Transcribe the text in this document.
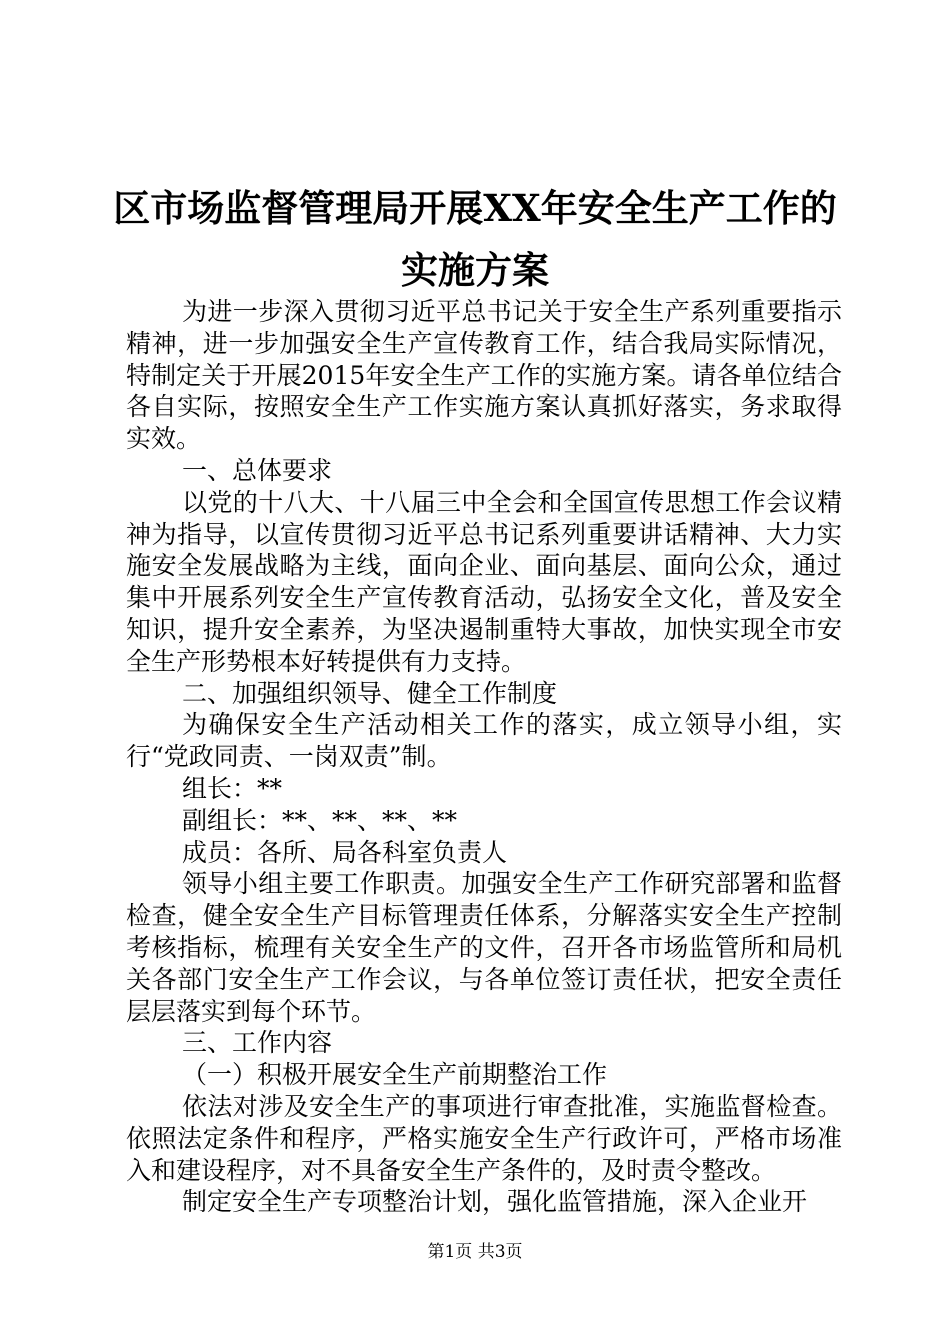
区市场监督管理局开展XX年安全生产工作的
实施方案

为进一步深入贯彻习近平总书记关于安全生产系列重要指示精神，进一步加强安全生产宣传教育工作，结合我局实际情况，特制定关于开展2015年安全生产工作的实施方案。请各单位结合各自实际，按照安全生产工作实施方案认真抓好落实，务求取得实效。

一、总体要求

以党的十八大、十八届三中全会和全国宣传思想工作会议精神为指导，以宣传贯彻习近平总书记系列重要讲话精神、大力实施安全发展战略为主线，面向企业、面向基层、面向公众，通过集中开展系列安全生产宣传教育活动，弘扬安全文化，普及安全知识，提升安全素养，为坚决遏制重特大事故，加快实现全市安全生产形势根本好转提供有力支持。

二、加强组织领导、健全工作制度

为确保安全生产活动相关工作的落实，成立领导小组，实行“党政同责、一岗双责”制。

组长：**

副组长：**、**、**、**

成员：各所、局各科室负责人

领导小组主要工作职责。加强安全生产工作研究部署和监督检查，健全安全生产目标管理责任体系，分解落实安全生产控制考核指标，梳理有关安全生产的文件，召开各市场监管所和局机关各部门安全生产工作会议，与各单位签订责任状，把安全责任层层落实到每个环节。

三、工作内容

（一）积极开展安全生产前期整治工作

依法对涉及安全生产的事项进行审查批准，实施监督检查。依照法定条件和程序，严格实施安全生产行政许可，严格市场准入和建设程序，对不具备安全生产条件的，及时责令整改。

制定安全生产专项整治计划，强化监管措施，深入企业开

第1页 共3页
